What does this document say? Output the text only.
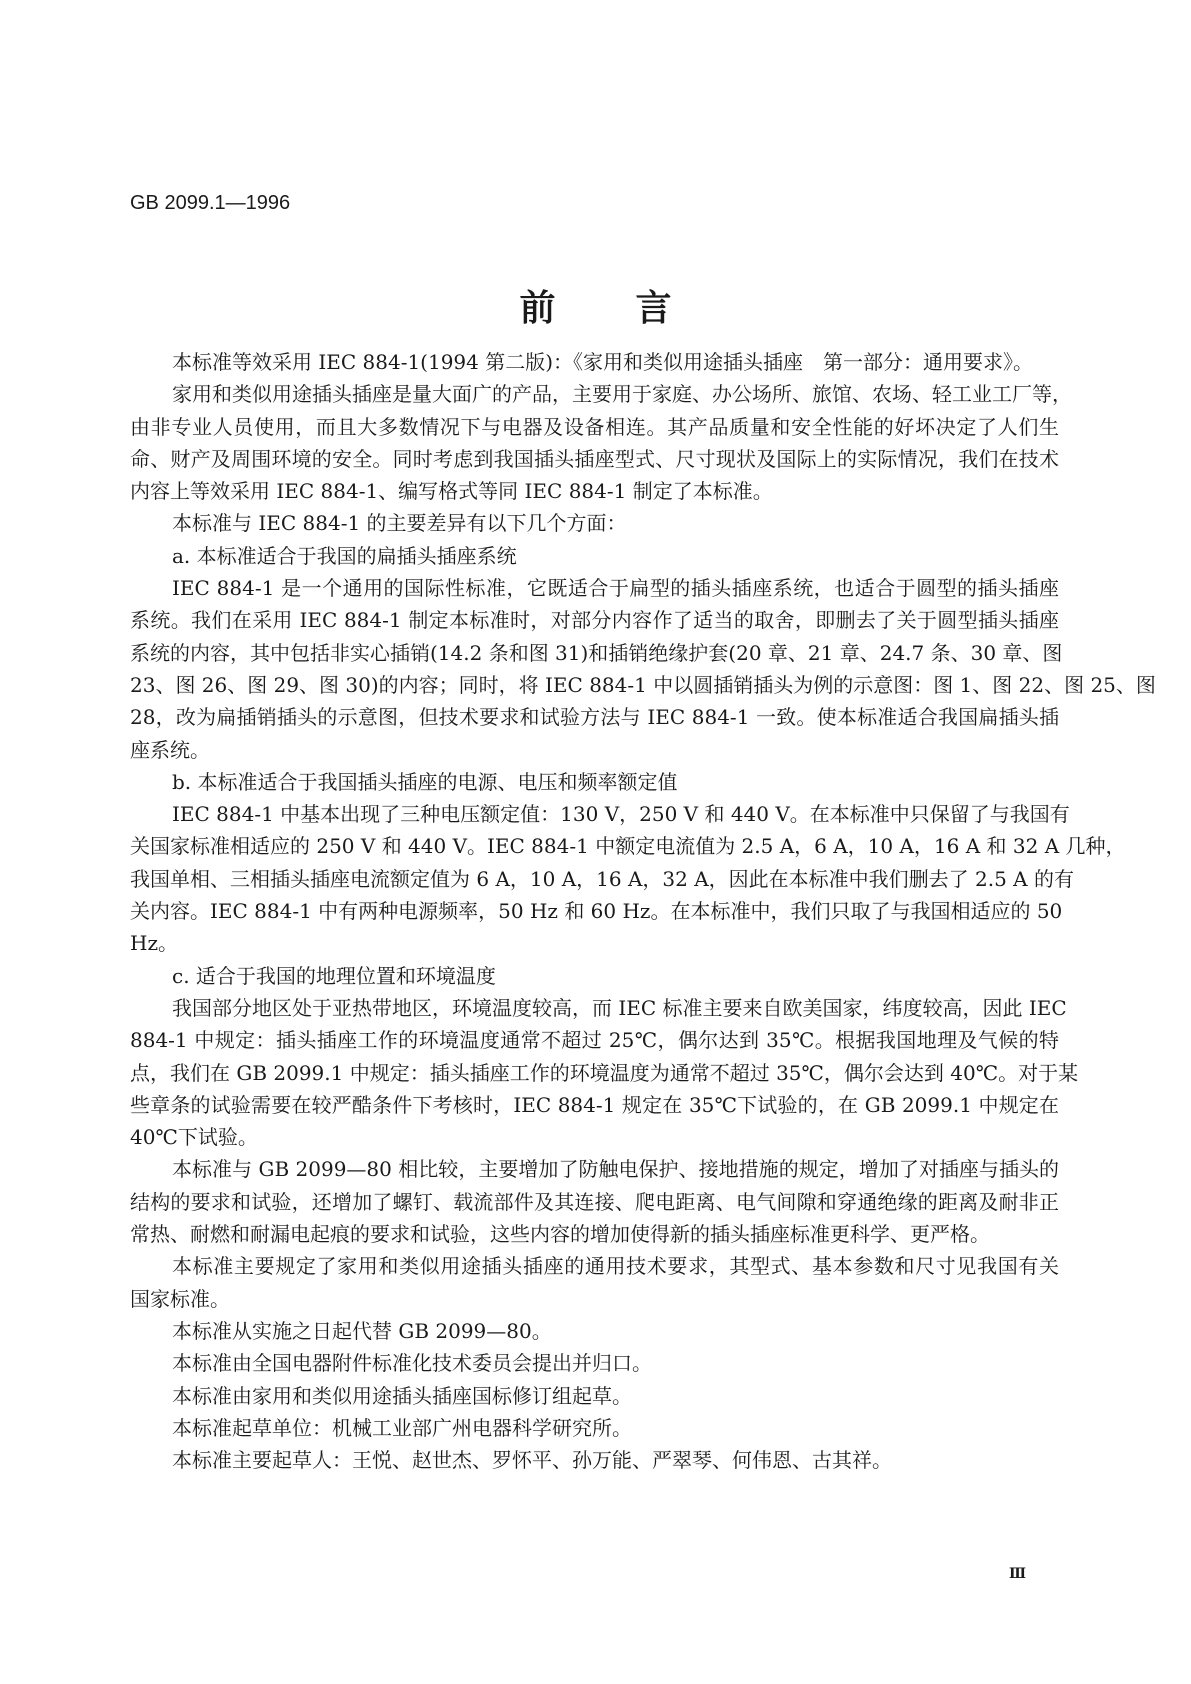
GB 2099.1—1996
前言
本标准等效采用 IEC 884-1(1994 第二版)：《家用和类似用途插头插座　第一部分：通用要求》。
家用和类似用途插头插座是量大面广的产品，主要用于家庭、办公场所、旅馆、农场、轻工业工厂等，
由非专业人员使用，而且大多数情况下与电器及设备相连。其产品质量和安全性能的好坏决定了人们生
命、财产及周围环境的安全。同时考虑到我国插头插座型式、尺寸现状及国际上的实际情况，我们在技术
内容上等效采用 IEC 884-1、编写格式等同 IEC 884-1 制定了本标准。
本标准与 IEC 884-1 的主要差异有以下几个方面：
a. 本标准适合于我国的扁插头插座系统
IEC 884-1 是一个通用的国际性标准，它既适合于扁型的插头插座系统，也适合于圆型的插头插座
系统。我们在采用 IEC 884-1 制定本标准时，对部分内容作了适当的取舍，即删去了关于圆型插头插座
系统的内容，其中包括非实心插销(14.2 条和图 31)和插销绝缘护套(20 章、21 章、24.7 条、30 章、图
23、图 26、图 29、图 30)的内容；同时，将 IEC 884-1 中以圆插销插头为例的示意图：图 1、图 22、图 25、图
28，改为扁插销插头的示意图，但技术要求和试验方法与 IEC 884-1 一致。使本标准适合我国扁插头插
座系统。
b. 本标准适合于我国插头插座的电源、电压和频率额定值
IEC 884-1 中基本出现了三种电压额定值：130 V，250 V 和 440 V。在本标准中只保留了与我国有
关国家标准相适应的 250 V 和 440 V。IEC 884-1 中额定电流值为 2.5 A，6 A，10 A，16 A 和 32 A 几种，
我国单相、三相插头插座电流额定值为 6 A，10 A，16 A，32 A，因此在本标准中我们删去了 2.5 A 的有
关内容。IEC 884-1 中有两种电源频率，50 Hz 和 60 Hz。在本标准中，我们只取了与我国相适应的 50
Hz。
c. 适合于我国的地理位置和环境温度
我国部分地区处于亚热带地区，环境温度较高，而 IEC 标准主要来自欧美国家，纬度较高，因此 IEC
884-1 中规定：插头插座工作的环境温度通常不超过 25℃，偶尔达到 35℃。根据我国地理及气候的特
点，我们在 GB 2099.1 中规定：插头插座工作的环境温度为通常不超过 35℃，偶尔会达到 40℃。对于某
些章条的试验需要在较严酷条件下考核时，IEC 884-1 规定在 35℃下试验的，在 GB 2099.1 中规定在
40℃下试验。
本标准与 GB 2099—80 相比较，主要增加了防触电保护、接地措施的规定，增加了对插座与插头的
结构的要求和试验，还增加了螺钉、载流部件及其连接、爬电距离、电气间隙和穿通绝缘的距离及耐非正
常热、耐燃和耐漏电起痕的要求和试验，这些内容的增加使得新的插头插座标准更科学、更严格。
本标准主要规定了家用和类似用途插头插座的通用技术要求，其型式、基本参数和尺寸见我国有关
国家标准。
本标准从实施之日起代替 GB 2099—80。
本标准由全国电器附件标准化技术委员会提出并归口。
本标准由家用和类似用途插头插座国标修订组起草。
本标准起草单位：机械工业部广州电器科学研究所。
本标准主要起草人：王悦、赵世杰、罗怀平、孙万能、严翠琴、何伟恩、古其祥。
Ⅲ
